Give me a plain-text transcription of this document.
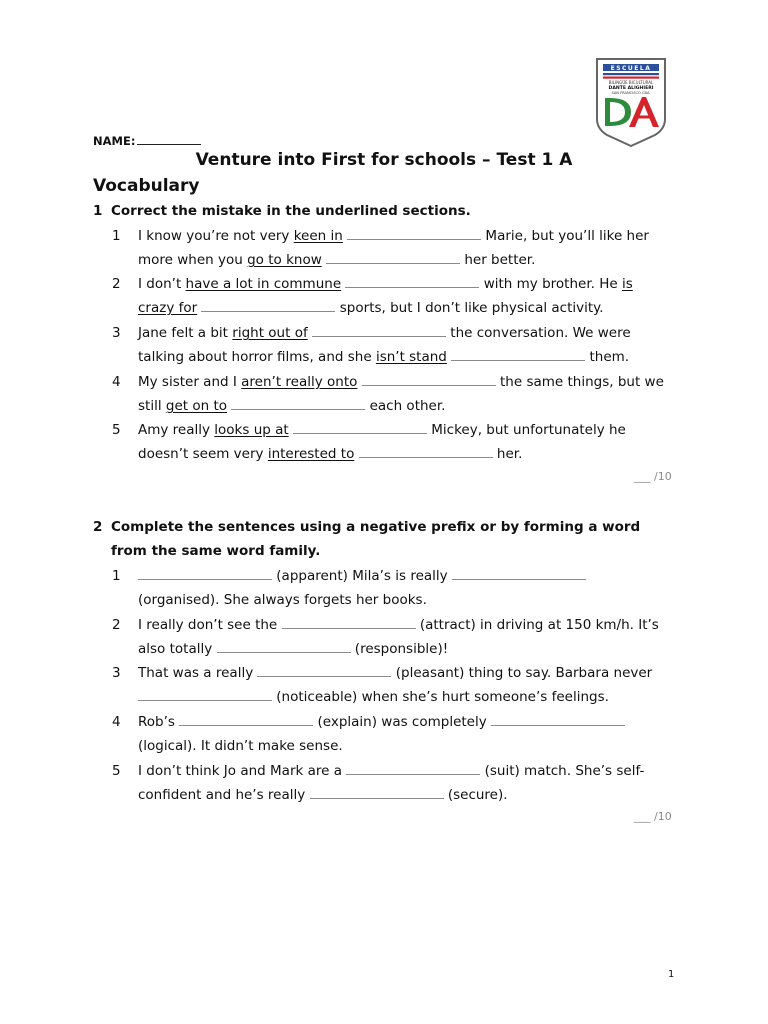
ESCUELA
BILINGÜE BICULTURAL
DANTE ALIGHIERI
SAN FRANCISCO CBA.
NAME:
Venture into First for schools – Test 1 A
Vocabulary
1 Correct the mistake in the underlined sections.
1 I know you’re not very keen in	Marie, but you’ll like her
more when you go to know	her better.
2 I don’t have a lot in commune	with my brother. He is
crazy for	sports, but I don’t like physical activity.
3 Jane felt a bit right out of	the conversation. We were
talking about horror films, and she isn’t stand	them.
4 My sister and I aren’t really onto	the same things, but we
still get on to	each other.
5 Amy really looks up at	Mickey, but unfortunately he
doesn’t seem very interested to	her.
___ /10
2 Complete the sentences using a negative prefix or by forming a word
from the same word family.
1	(apparent) Mila’s is really
(organised). She always forgets her books.
2 I really don’t see the	(attract) in driving at 150 km/h. It’s
also totally	(responsible)!
3 That was a really	(pleasant) thing to say. Barbara never
(noticeable) when she’s hurt someone’s feelings.
4 Rob’s	(explain) was completely
(logical). It didn’t make sense.
5 I don’t think Jo and Mark are a	(suit) match. She’s self-
confident and he’s really	(secure).
___ /10
1
